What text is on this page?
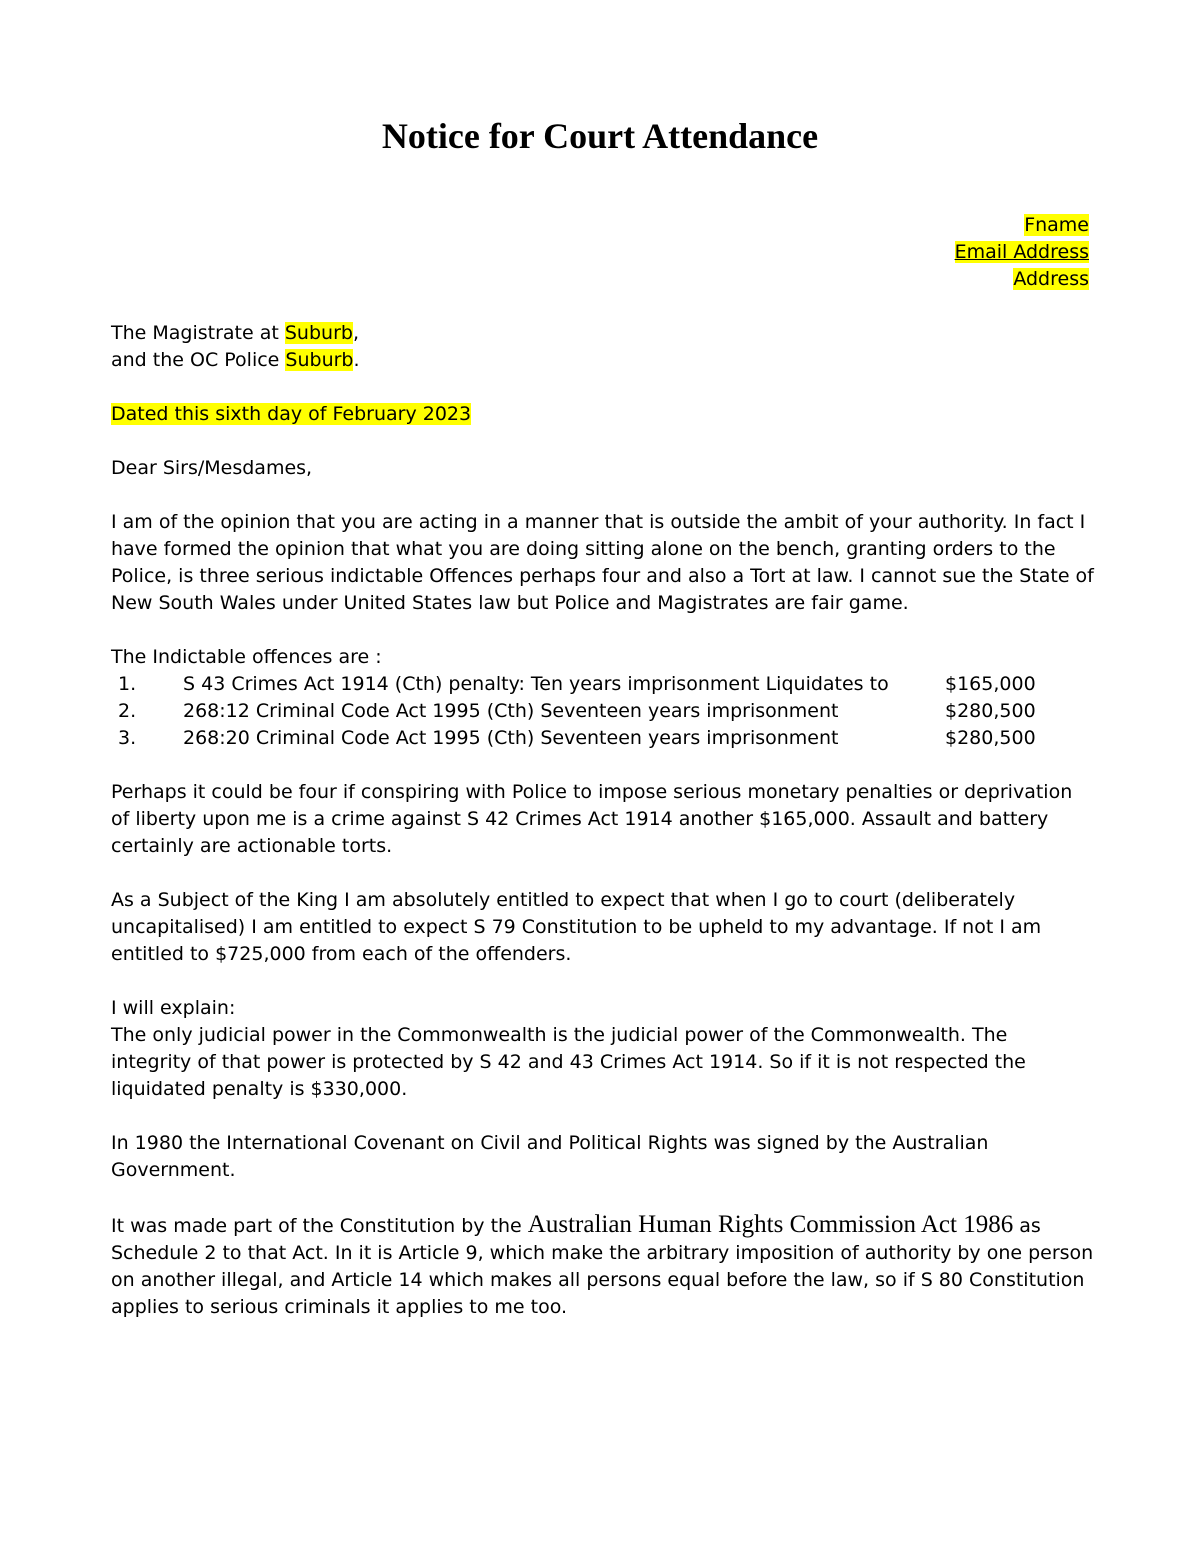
Notice for Court Attendance
Fname
Email Address
Address

The Magistrate at Suburb,
and the OC Police Suburb.

Dated this sixth day of February 2023

Dear Sirs/Mesdames,

I am of the opinion that you are acting in a manner that is outside the ambit of your authority. In fact I
have formed the opinion that what you are doing sitting alone on the bench, granting orders to the
Police, is three serious indictable Offences perhaps four and also a Tort at law. I cannot sue the State of
New South Wales under United States law but Police and Magistrates are fair game.

The Indictable offences are :
1.	S 43 Crimes Act 1914 (Cth) penalty: Ten years imprisonment Liquidates to	$165,000
2.	268:12 Criminal Code Act 1995 (Cth) Seventeen years imprisonment	$280,500
3.	268:20 Criminal Code Act 1995 (Cth) Seventeen years imprisonment	$280,500

Perhaps it could be four if conspiring with Police to impose serious monetary penalties or deprivation
of liberty upon me is a crime against S 42 Crimes Act 1914 another $165,000. Assault and battery
certainly are actionable torts.

As a Subject of the King I am absolutely entitled to expect that when I go to court (deliberately
uncapitalised) I am entitled to expect S 79 Constitution to be upheld to my advantage. If not I am
entitled to $725,000 from each of the offenders.

I will explain:
The only judicial power in the Commonwealth is the judicial power of the Commonwealth. The
integrity of that power is protected by S 42 and 43 Crimes Act 1914. So if it is not respected the
liquidated penalty is $330,000.

In 1980 the International Covenant on Civil and Political Rights was signed by the Australian
Government.

It was made part of the Constitution by the Australian Human Rights Commission Act 1986 as
Schedule 2 to that Act. In it is Article 9, which make the arbitrary imposition of authority by one person
on another illegal, and Article 14 which makes all persons equal before the law, so if S 80 Constitution
applies to serious criminals it applies to me too.
